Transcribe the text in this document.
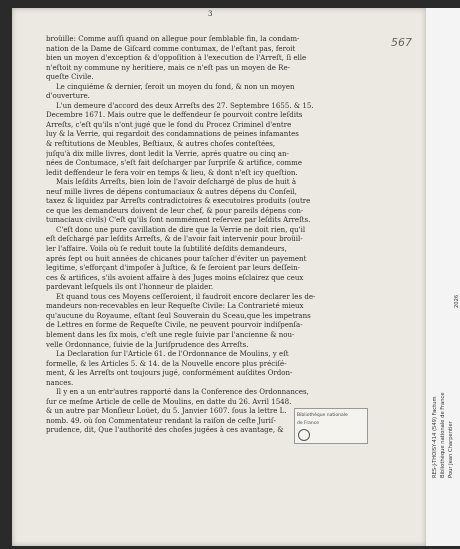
3
broüille: Comme auſſi quand on allegue pour ſemblable fin, la condam-
nation de la Dame de Giſcard comme contumax, de l'eſtant pas, feroit
bien un moyen d'exception & d'oppoſition à l'execution de l'Arreſt, ſi elle
n'eſtoit ny commune ny heritiere, mais ce n'eſt pas un moyen de Re-
queſte Civile.
Le cinquiéme & dernier, ſeroit un moyen du fond, & non un moyen
d'ouverture.
L'un demeure d'accord des deux Arreſts des 27. Septembre 1655. & 15.
Decembre 1671. Mais outre que le deffendeur ſe pourvoit contre leſdits
Arreſts, c'eſt qu'ils n'ont jugé que le fond du Procez Criminel d'entre
luy & la Verrie, qui regardoit des condamnations de peines infamantes
& reſtitutions de Meubles, Beſtiaux, & autres choſes conteſtées,
juſqu'à dix mille livres, dont ledit la Verrie, aprés quatre ou cinq an-
nées de Contumace, s'eſt fait deſcharger par ſurpriſe & artifice, comme
ledit deffendeur le fera voir en temps & lieu, & dont n'eſt icy queſtion.
Mais leſdits Arreſts, bien loin de l'avoir deſchargé de plus de huit à
neuf mille livres de dépens contumaciaux & autres dépens du Conſeil,
taxez & liquidez par Arreſts contradictoires & executoires produits (outre
ce que les demandeurs doivent de leur chef, & pour pareils dépens con-
tumaciaux civils) C'eſt qu'ils ſont nommément reſervez par leſdits Arreſts.
C'eſt donc une pure cavillation de dire que la Verrie ne doit rien, qu'il
eſt deſchargé par leſdits Arreſts, & de l'avoir fait intervenir pour broüil-
ler l'affaire. Voila où ſe reduit toute la ſubtilité deſdits demandeurs,
aprés ſept ou huit années de chicanes pour taſcher d'éviter un payement
legitime, s'efforçant d'impoſer à Juſtice, & ſe ſeroient par leurs deſſein-
ces & artifices, s'ils avoient affaire à des Juges moins eſclairez que ceux
pardevant leſquels ils ont l'honneur de plaider.
Et quand tous ces Moyens ceſſeroient, il faudroit encore declarer les de-
mandeurs non-recevables en leur Requeſte Civile: La Contrarieté mieux
qu'aucune du Royaume, eſtant ſeul Souverain du Sceau,que les impetrans
de Lettres en forme de Requeſte Civile, ne peuvent pourvoir indiſpenſa-
blement dans les ſix mois, c'eſt une regle ſuivie par l'ancienne & nou-
velle Ordonnance, ſuivie de la Juriſprudence des Arreſts.
La Declaration ſur l'Article 61. de l'Ordonnance de Moulins, y eſt
formelle, & les Articles 5. & 14. de la Nouvelle encore plus préciſé-
ment, & les Arreſts ont toujours jugé, conformément auſdites Ordon-
nances.
Il y en a un entr'autres rapporté dans la Conference des Ordonnances,
ſur ce meſme Article de celle de Moulins, en datte du 26. Avril 1548.
& un autre par Monſieur Loüet, du 5. Janvier 1607. ſous la lettre L.
nomb. 49. où ſon Commentateur rendant la raiſon de ceſte Juriſ-
prudence, dit, Que l'authorité des choſes jugées à ces avantage, &
567
Bibliothèque nationale
de France	RES-J-THOISY-414 (549) Factum Bibliothèque nationale de France Pour Jean Charpentier
2026
